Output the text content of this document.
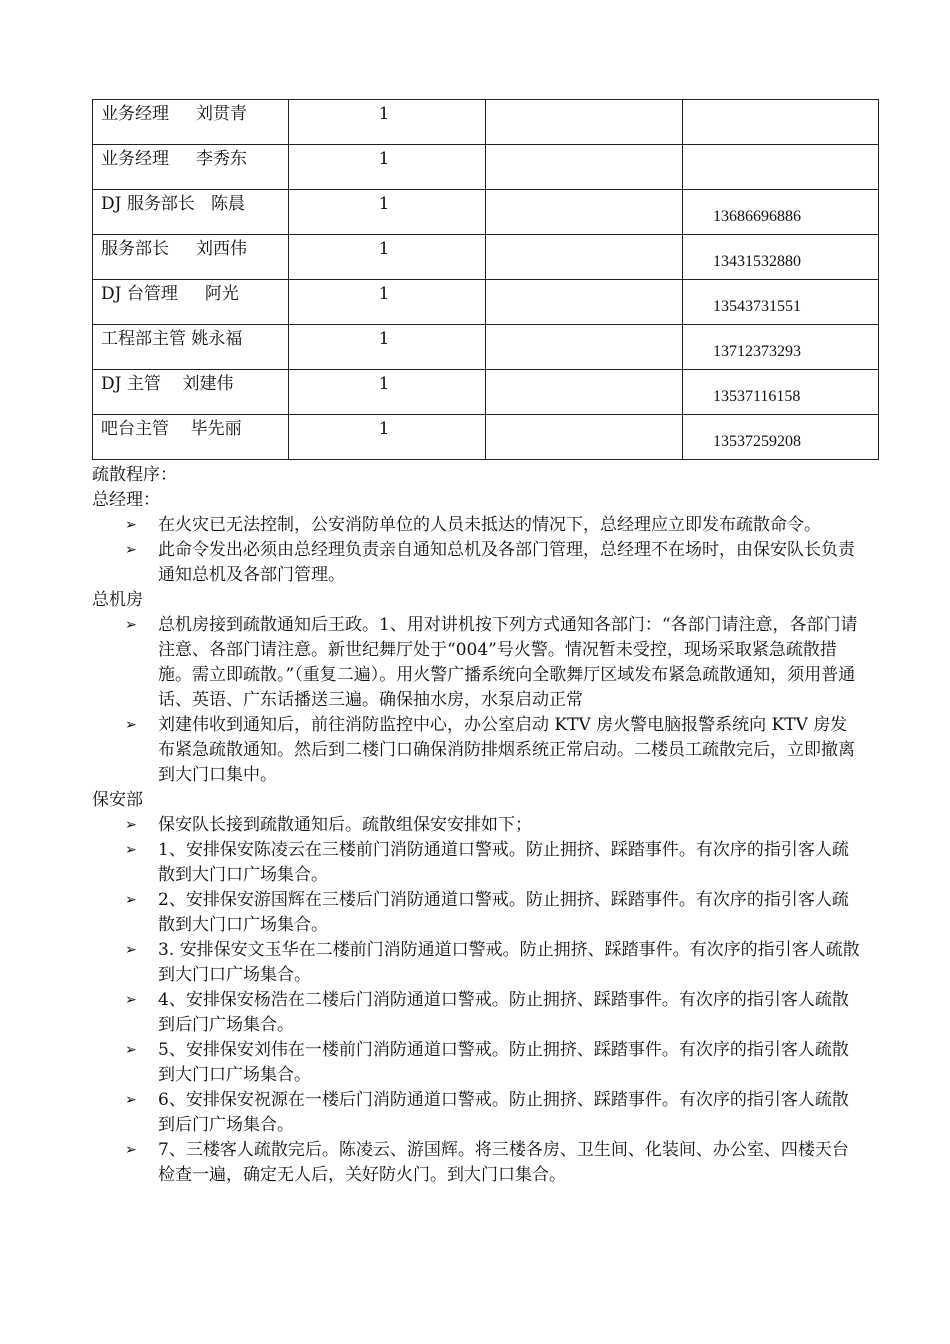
业务经理     刘贯青	1		

业务经理     李秀东	1		

DJ 服务部长   陈晨	1		13686696886

服务部长     刘西伟	1		13431532880

DJ 台管理     阿光	1		13543731551

工程部主管 姚永福	1		13712373293

DJ 主管    刘建伟	1		13537116158

吧台主管    毕先丽	1		13537259208
疏散程序：
总经理：
➢ 在火灾已无法控制，公安消防单位的人员未抵达的情况下，总经理应立即发布疏散命令。
➢ 此命令发出必须由总经理负责亲自通知总机及各部门管理，总经理不在场时，由保安队长负责通知总机及各部门管理。
总机房
➢ 总机房接到疏散通知后王政。1、用对讲机按下列方式通知各部门：“各部门请注意，各部门请注意、各部门请注意。新世纪舞厅处于“004”号火警。情况暂未受控，现场采取紧急疏散措施。需立即疏散。”（重复二遍）。用火警广播系统向全歌舞厅区域发布紧急疏散通知，须用普通话、英语、广东话播送三遍。确保抽水房，水泵启动正常
➢ 刘建伟收到通知后，前往消防监控中心，办公室启动 KTV 房火警电脑报警系统向 KTV 房发布紧急疏散通知。然后到二楼门口确保消防排烟系统正常启动。二楼员工疏散完后，立即撤离到大门口集中。
保安部
➢ 保安队长接到疏散通知后。疏散组保安安排如下；
➢ 1、安排保安陈凌云在三楼前门消防通道口警戒。防止拥挤、踩踏事件。有次序的指引客人疏散到大门口广场集合。
➢ 2、安排保安游国辉在三楼后门消防通道口警戒。防止拥挤、踩踏事件。有次序的指引客人疏散到大门口广场集合。
➢ 3. 安排保安文玉华在二楼前门消防通道口警戒。防止拥挤、踩踏事件。有次序的指引客人疏散到大门口广场集合。
➢ 4、安排保安杨浩在二楼后门消防通道口警戒。防止拥挤、踩踏事件。有次序的指引客人疏散到后门广场集合。
➢ 5、安排保安刘伟在一楼前门消防通道口警戒。防止拥挤、踩踏事件。有次序的指引客人疏散到大门口广场集合。
➢ 6、安排保安祝源在一楼后门消防通道口警戒。防止拥挤、踩踏事件。有次序的指引客人疏散到后门广场集合。
➢ 7、三楼客人疏散完后。陈凌云、游国辉。将三楼各房、卫生间、化装间、办公室、四楼天台检查一遍，确定无人后，关好防火门。到大门口集合。
